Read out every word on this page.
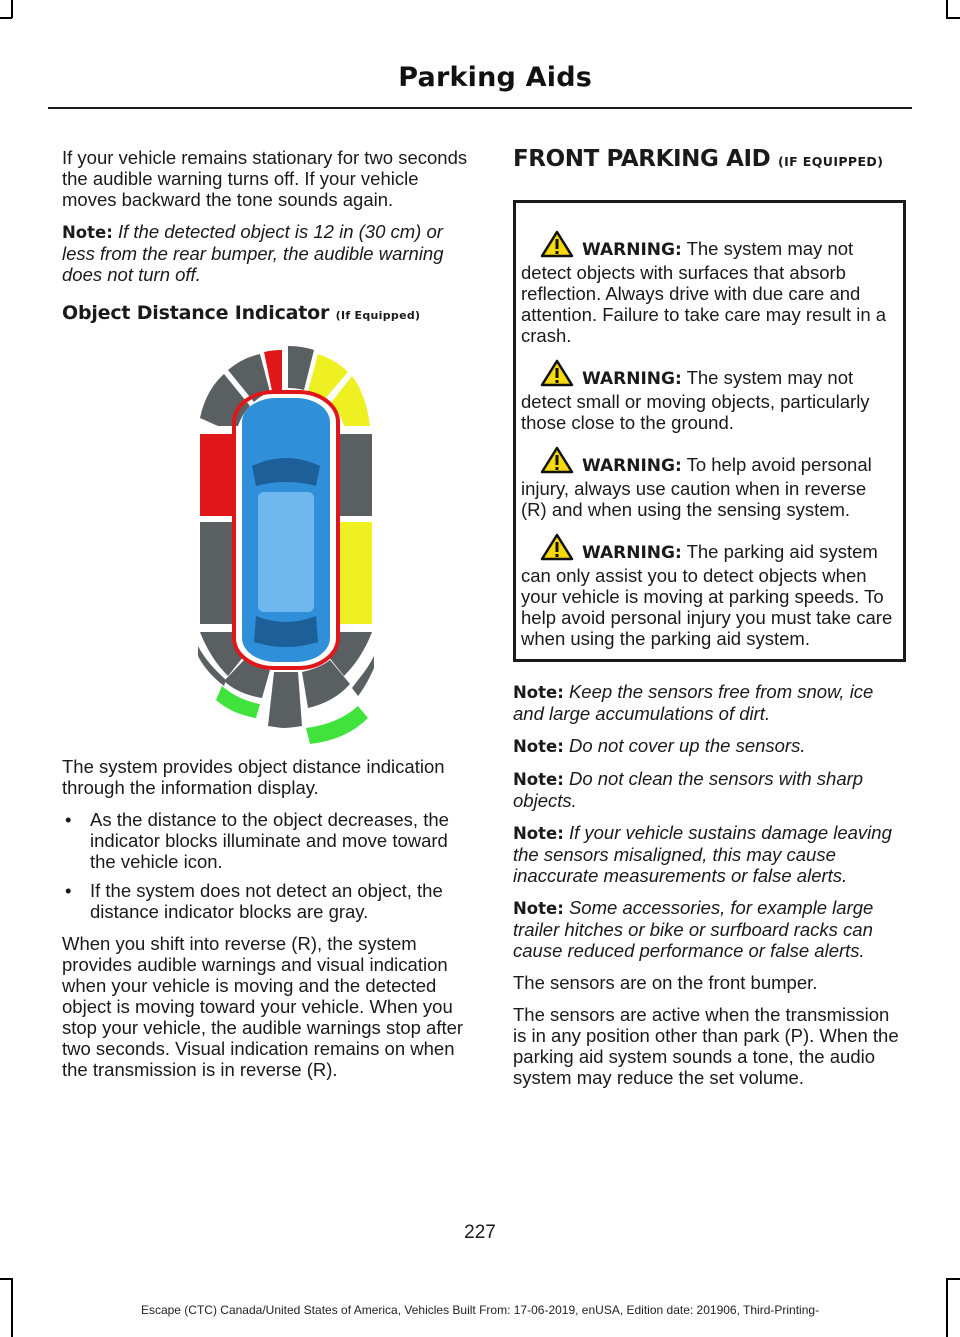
Parking Aids

If your vehicle remains stationary for two seconds the audible warning turns off. If your vehicle moves backward the tone sounds again.

Note: If the detected object is 12 in (30 cm) or less from the rear bumper, the audible warning does not turn off.

Object Distance Indicator (If Equipped)

The system provides object distance indication through the information display.

• As the distance to the object decreases, the indicator blocks illuminate and move toward the vehicle icon.
• If the system does not detect an object, the distance indicator blocks are gray.

When you shift into reverse (R), the system provides audible warnings and visual indication when your vehicle is moving and the detected object is moving toward your vehicle. When you stop your vehicle, the audible warnings stop after two seconds. Visual indication remains on when the transmission is in reverse (R).

FRONT PARKING AID (IF EQUIPPED)

WARNING: The system may not detect objects with surfaces that absorb reflection. Always drive with due care and attention. Failure to take care may result in a crash.

WARNING: The system may not detect small or moving objects, particularly those close to the ground.

WARNING: To help avoid personal injury, always use caution when in reverse (R) and when using the sensing system.

WARNING: The parking aid system can only assist you to detect objects when your vehicle is moving at parking speeds. To help avoid personal injury you must take care when using the parking aid system.

Note: Keep the sensors free from snow, ice and large accumulations of dirt.

Note: Do not cover up the sensors.

Note: Do not clean the sensors with sharp objects.

Note: If your vehicle sustains damage leaving the sensors misaligned, this may cause inaccurate measurements or false alerts.

Note: Some accessories, for example large trailer hitches or bike or surfboard racks can cause reduced performance or false alerts.

The sensors are on the front bumper.

The sensors are active when the transmission is in any position other than park (P). When the parking aid system sounds a tone, the audio system may reduce the set volume.

227
Escape (CTC) Canada/United States of America, Vehicles Built From: 17-06-2019, enUSA, Edition date: 201906, Third-Printing-
